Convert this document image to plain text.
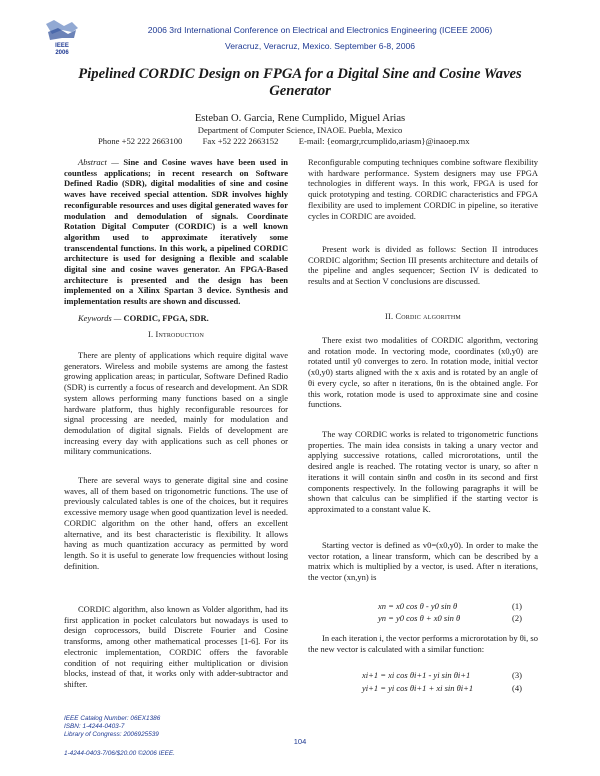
IEEE
2006
2006 3rd International Conference on Electrical and Electronics Engineering (ICEEE 2006)
Veracruz, Veracruz, Mexico. September 6-8, 2006
Pipelined CORDIC Design on FPGA for a Digital Sine and Cosine Waves Generator
Esteban O. Garcia, Rene Cumplido, Miguel Arias
Department of Computer Science, INAOE. Puebla, Mexico
Phone +52 222 2663100 Fax +52 222 2663152 E-mail: {eomargr,rcumplido,ariasm}@inaoep.mx

Abstract — Sine and Cosine waves have been used in countless applications; in recent research on Software Defined Radio (SDR), digital modalities of sine and cosine waves have received special attention. SDR involves highly reconfigurable resources and uses digital generated waves for modulation and demodulation of signals. Coordinate Rotation Digital Computer (CORDIC) is a well known algorithm used to approximate iteratively some transcendental functions. In this work, a pipelined CORDIC architecture is used for designing a flexible and scalable digital sine and cosine waves generator. An FPGA-Based architecture is presented and the design has been implemented on a Xilinx Spartan 3 device. Synthesis and implementation results are shown and discussed.

Keywords — CORDIC, FPGA, SDR.

I. Introduction

There are plenty of applications which require digital wave generators. Wireless and mobile systems are among the fastest growing application areas; in particular, Software Defined Radio (SDR) is currently a focus of research and development. An SDR system allows performing many functions based on a single hardware platform, thus highly reconfigurable resources for signal processing are needed, mainly for modulation and demodulation of digital signals. Fields of development are increasing every day with applications such as cell phones or military communications.

There are several ways to generate digital sine and cosine waves, all of them based on trigonometric functions. The use of previously calculated tables is one of the choices, but it requires excessive memory usage when good quantization level is needed. CORDIC algorithm on the other hand, offers an excellent alternative, and its best characteristic is flexibility. It allows having as much quantization accuracy as permitted by word length. So it is useful to generate low frequencies without losing definition.

CORDIC algorithm, also known as Volder algorithm, had its first application in pocket calculators but nowadays is used to design coprocessors, build Discrete Fourier and Cosine transforms, among other mathematical processes [1-6]. For its electronic implementation, CORDIC offers the favorable condition of not requiring either multiplication or division blocks, instead of that, it works only with adder-subtractor and shifter.

Reconfigurable computing techniques combine software flexibility with hardware performance. System designers may use FPGA technologies in different ways. In this work, FPGA is used for quick prototyping and testing. CORDIC characteristics and FPGA flexibility are used to implement CORDIC in pipeline, so iterative cycles in CORDIC are avoided.

Present work is divided as follows: Section II introduces CORDIC algorithm; Section III presents architecture and details of the pipeline and angles sequencer; Section IV is dedicated to results and at Section V conclusions are discussed.

II. Cordic algorithm

There exist two modalities of CORDIC algorithm, vectoring and rotation mode. In vectoring mode, coordinates (x0,y0) are rotated until y0 converges to zero. In rotation mode, initial vector (x0,y0) starts aligned with the x axis and is rotated by an angle of θi every cycle, so after n iterations, θn is the obtained angle. For this work, rotation mode is used to approximate sine and cosine functions.

The way CORDIC works is related to trigonometric functions properties. The main idea consists in taking a unary vector and applying successive rotations, called microrotations, until the desired angle is reached. The rotating vector is unary, so after n iterations it will contain sinθn and cosθn in its second and first components respectively. In the following paragraphs it will be shown that calculus can be simplified if the starting vector is approximated to a constant value K.

Starting vector is defined as v0=(x0,y0). In order to make the vector rotation, a linear transform, which can be described by a matrix which is multiplied by a vector, is used. After n iterations, the vector (xn,yn) is

xn = x0 cos θ - y0 sin θ	(1)
yn = y0 cos θ + x0 sin θ	(2)

In each iteration i, the vector performs a microrotation by θi, so the new vector is calculated with a similar function:

xi+1 = xi cos θi+1 - yi sin θi+1	(3)
yi+1 = yi cos θi+1 + xi sin θi+1	(4)
IEEE Catalog Number: 06EX1386
ISBN: 1-4244-0403-7
Library of Congress: 2006925539
1-4244-0403-7/06/$20.00 ©2006 IEEE.
104
